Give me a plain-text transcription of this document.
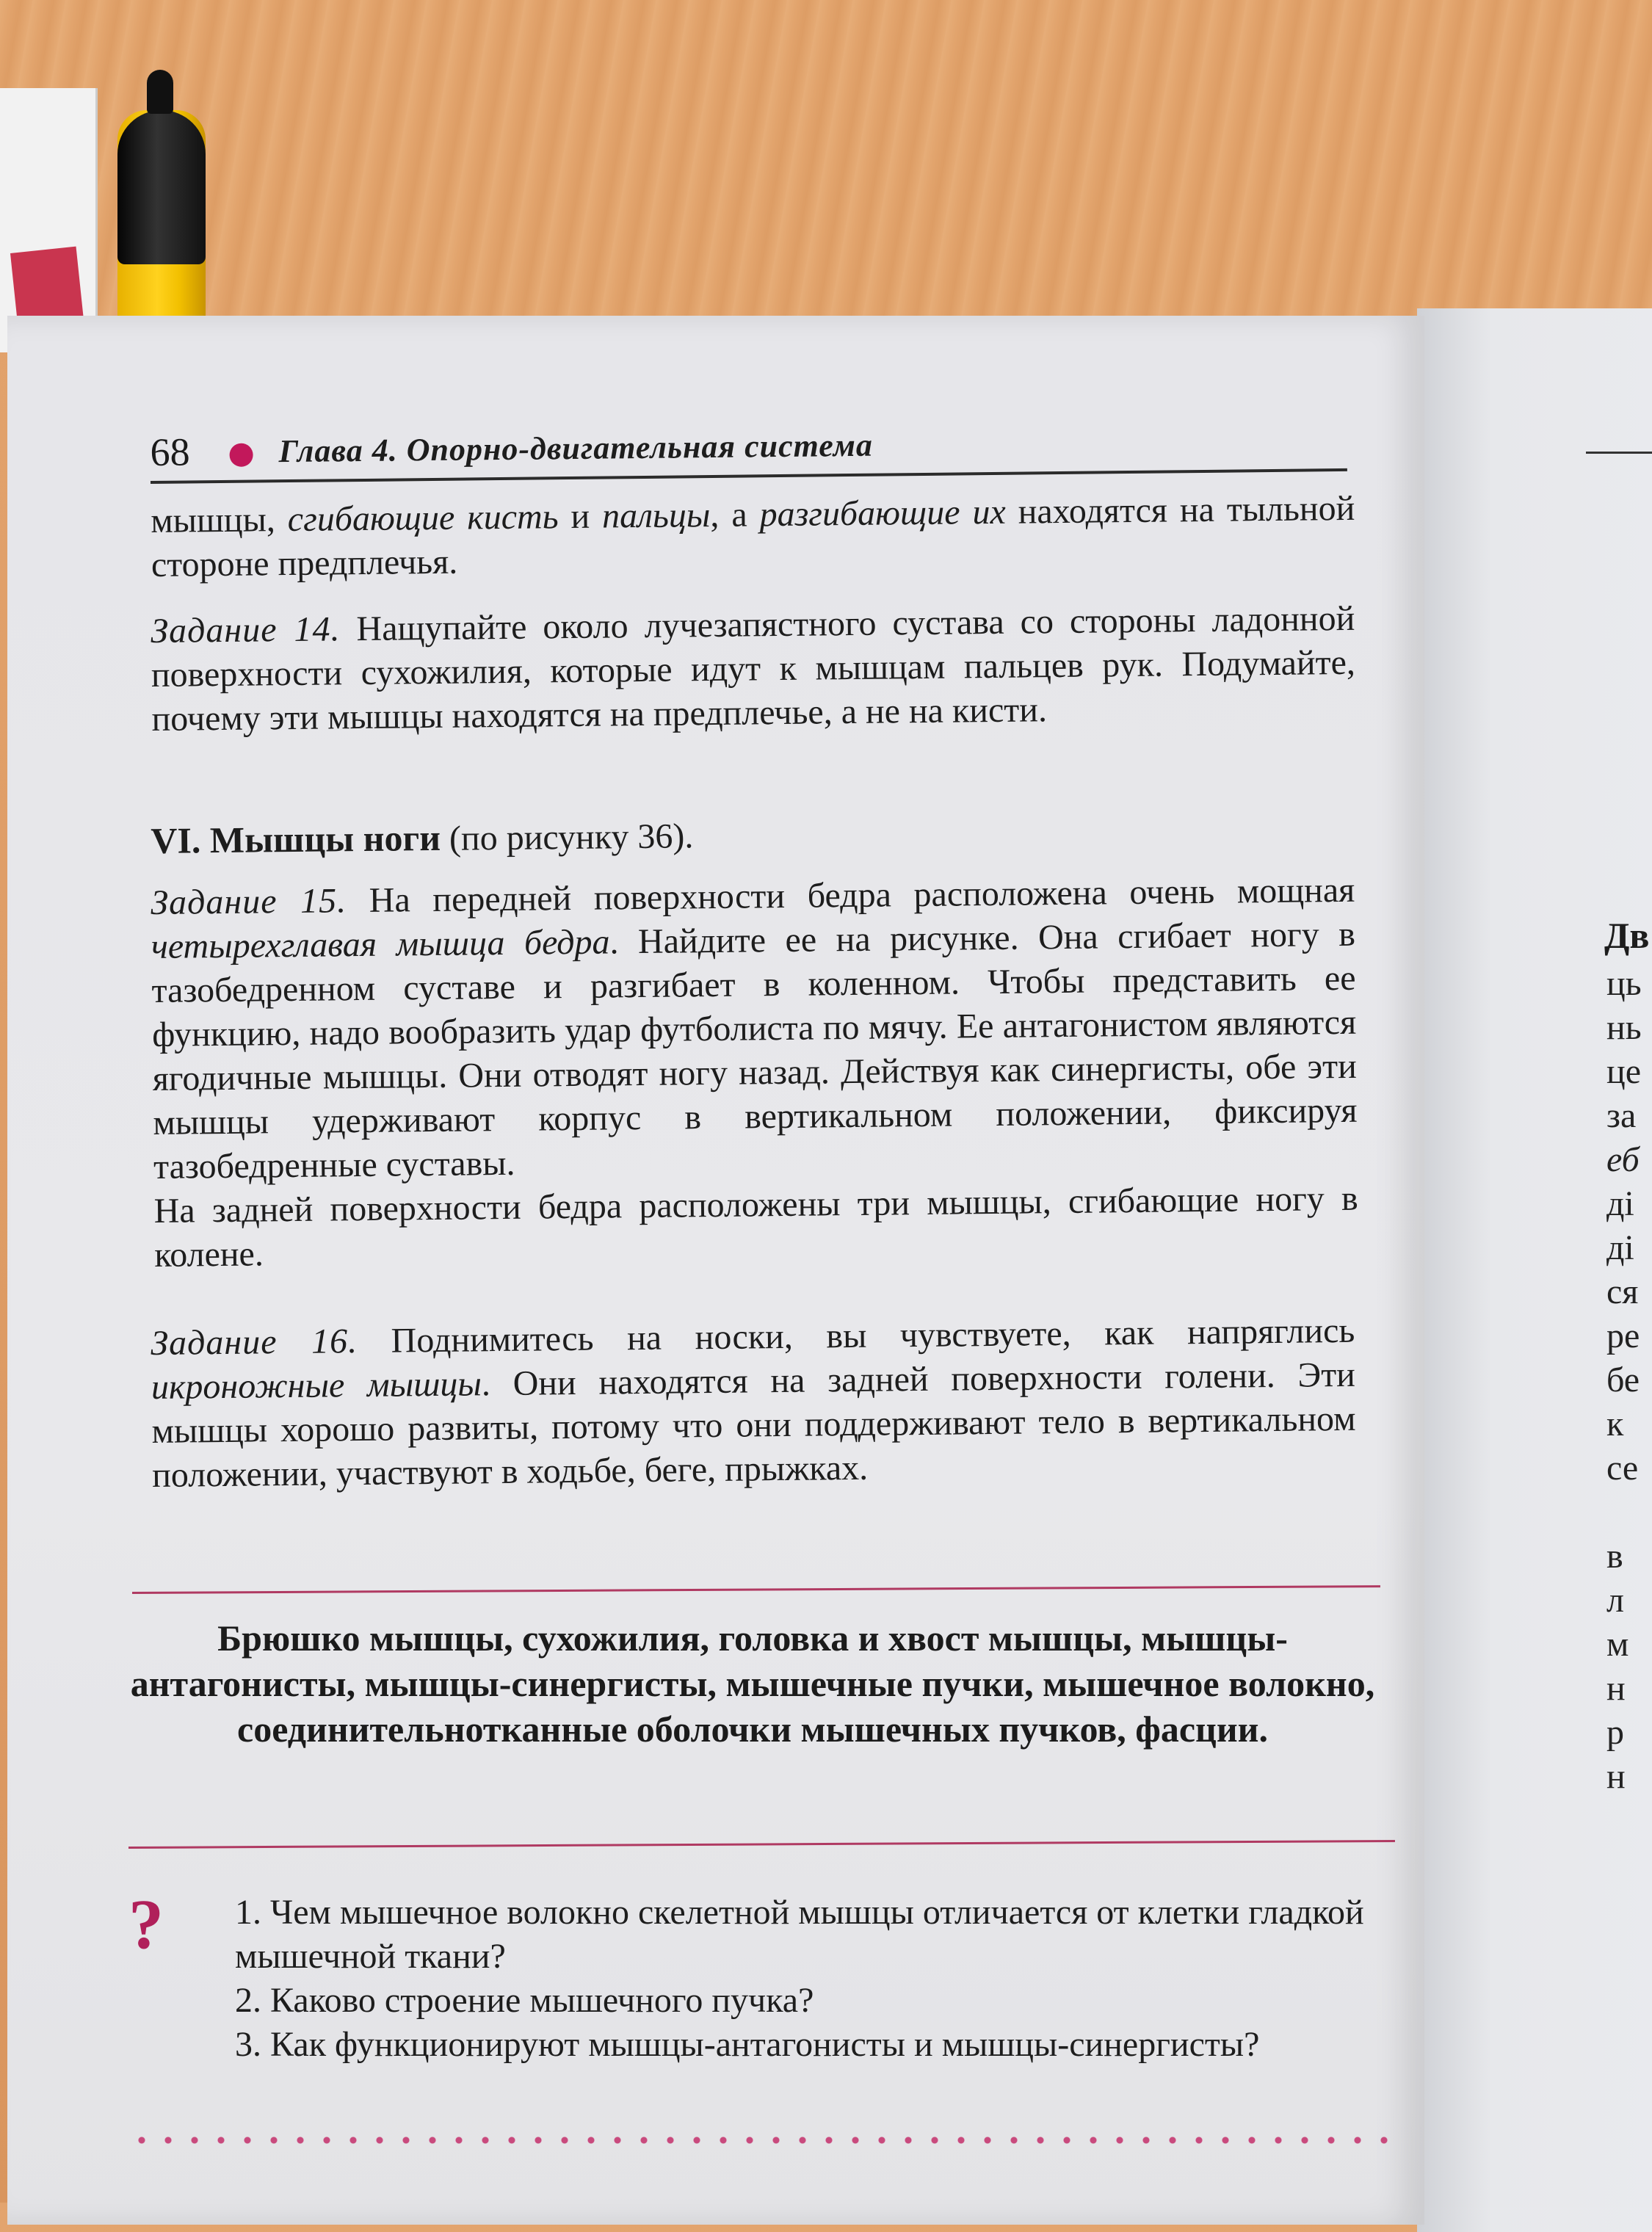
Дв
ць
нь
це
за
еб
ді
ді
ся
ре
бе
к
се
в
л
м
н
р
н
68	Глава 4. Опорно-двигательная система

мышцы, сгибающие кисть и пальцы, а разгибающие их находятся на тыльной стороне предплечья.

Задание 14. Нащупайте около лучезапястного сустава со стороны ладонной поверхности сухожилия, которые идут к мышцам пальцев рук. Подумайте, почему эти мышцы находятся на предплечье, а не на кисти.

VI. Мышцы ноги (по рисунку 36).

Задание 15. На передней поверхности бедра расположена очень мощная четырехглавая мышца бедра. Найдите ее на рисунке. Она сгибает ногу в тазобедренном суставе и разгибает в коленном. Чтобы представить ее функцию, надо вообразить удар футболиста по мячу. Ее антагонистом являются ягодичные мышцы. Они отводят ногу назад. Действуя как синергисты, обе эти мышцы удерживают корпус в вертикальном положении, фиксируя тазобедренные суставы.

На задней поверхности бедра расположены три мышцы, сгибающие ногу в колене.

Задание 16. Поднимитесь на носки, вы чувствуете, как напряглись икроножные мышцы. Они находятся на задней поверхности голени. Эти мышцы хорошо развиты, потому что они поддерживают тело в вертикальном положении, участвуют в ходьбе, беге, прыжках.

Брюшко мышцы, сухожилия, головка и хвост мышцы, мышцы-антагонисты, мышцы-синергисты, мышечные пучки, мышечное волокно, соединительнотканные оболочки мышечных пучков, фасции.
? 1. Чем мышечное волокно скелетной мышцы отличается от клетки гладкой мышечной ткани?
2. Каково строение мышечного пучка?
3. Как функционируют мышцы-антагонисты и мышцы-синергисты?
